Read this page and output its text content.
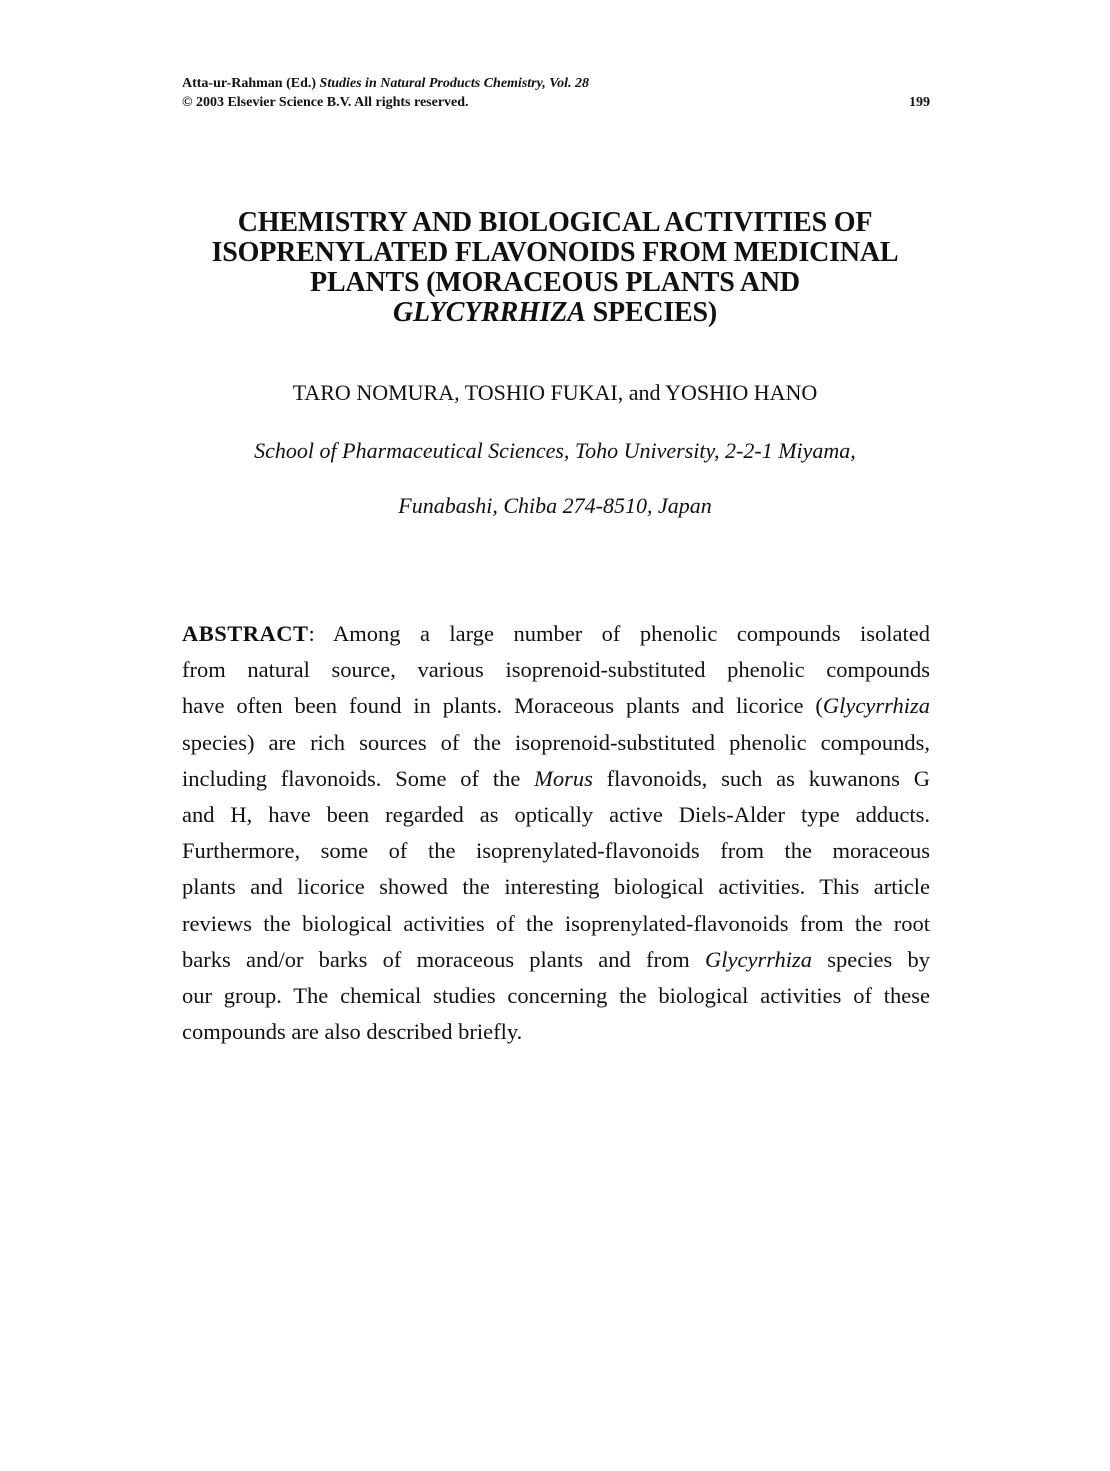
Atta-ur-Rahman (Ed.) Studies in Natural Products Chemistry, Vol. 28
© 2003 Elsevier Science B.V. All rights reserved.	199
CHEMISTRY AND BIOLOGICAL ACTIVITIES OF
ISOPRENYLATED FLAVONOIDS FROM MEDICINAL
PLANTS (MORACEOUS PLANTS AND
GLYCYRRHIZA SPECIES)
TARO NOMURA, TOSHIO FUKAI, and YOSHIO HANO
School of Pharmaceutical Sciences, Toho University, 2-2-1 Miyama,
Funabashi, Chiba 274-8510, Japan
ABSTRACT: Among a large number of phenolic compounds isolated
from natural source, various isoprenoid-substituted phenolic compounds
have often been found in plants. Moraceous plants and licorice (Glycyrrhiza
species) are rich sources of the isoprenoid-substituted phenolic compounds,
including flavonoids. Some of the Morus flavonoids, such as kuwanons G
and H, have been regarded as optically active Diels-Alder type adducts.
Furthermore, some of the isoprenylated-flavonoids from the moraceous
plants and licorice showed the interesting biological activities. This article
reviews the biological activities of the isoprenylated-flavonoids from the root
barks and/or barks of moraceous plants and from Glycyrrhiza species by
our group. The chemical studies concerning the biological activities of these
compounds are also described briefly.
